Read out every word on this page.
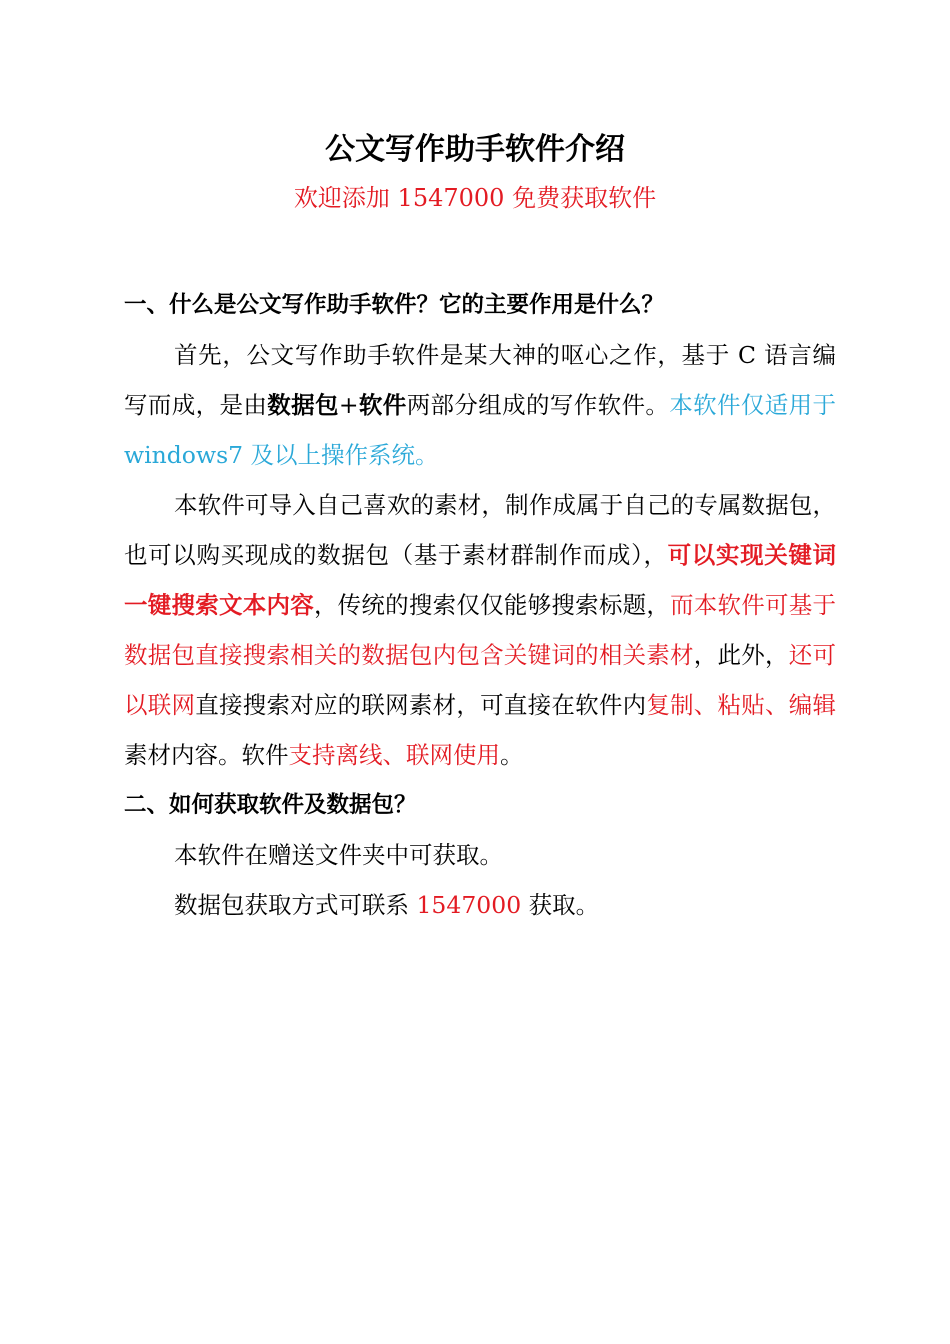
公文写作助手软件介绍
欢迎添加 1547000 免费获取软件

一、什么是公文写作助手软件？它的主要作用是什么？

首先，公文写作助手软件是某大神的呕心之作，基于 C 语言编写而成，是由数据包+软件两部分组成的写作软件。本软件仅适用于 windows7 及以上操作系统。

本软件可导入自己喜欢的素材，制作成属于自己的专属数据包，也可以购买现成的数据包（基于素材群制作而成），可以实现关键词一键搜索文本内容，传统的搜索仅仅能够搜索标题，而本软件可基于数据包直接搜索相关的数据包内包含关键词的相关素材，此外，还可以联网直接搜索对应的联网素材，可直接在软件内复制、粘贴、编辑素材内容。软件支持离线、联网使用。

二、如何获取软件及数据包？

本软件在赠送文件夹中可获取。

数据包获取方式可联系 1547000 获取。
